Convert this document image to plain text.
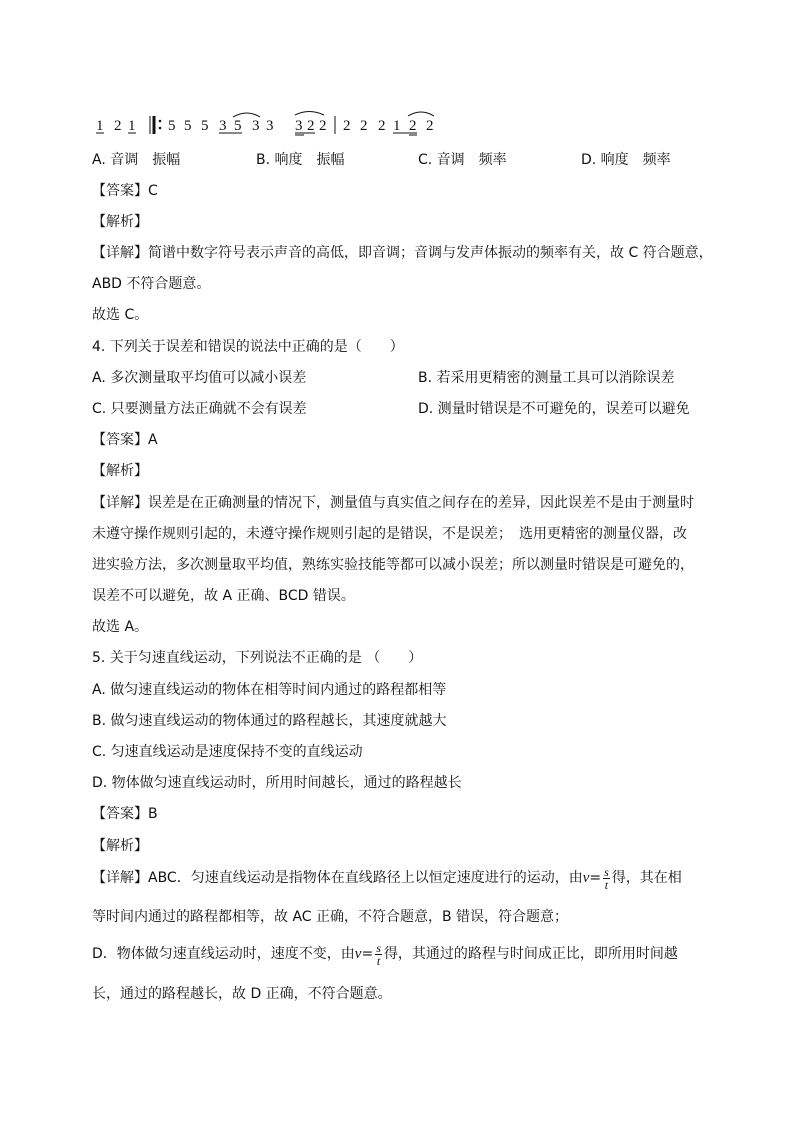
1 2 1 5 5 5 3 5 3 3 3 2 2 2 2 2 1 2 2
A. 音调　振幅	B. 响度　振幅	C. 音调　频率	D. 响度　频率
【答案】C
【解析】
【详解】简谱中数字符号表示声音的高低，即音调；音调与发声体振动的频率有关，故 C 符合题意，
ABD 不符合题意。
故选 C。
4. 下列关于误差和错误的说法中正确的是（　　）
A. 多次测量取平均值可以减小误差	B. 若采用更精密的测量工具可以消除误差
C. 只要测量方法正确就不会有误差	D. 测量时错误是不可避免的，误差可以避免
【答案】A
【解析】
【详解】误差是在正确测量的情况下，测量值与真实值之间存在的差异，因此误差不是由于测量时
未遵守操作规则引起的，未遵守操作规则引起的是错误，不是误差；　选用更精密的测量仪器，改
进实验方法，多次测量取平均值，熟练实验技能等都可以减小误差；所以测量时错误是可避免的，
误差不可以避免，故 A 正确、BCD 错误。
故选 A。
5. 关于匀速直线运动，下列说法不正确的是 （　　）
A. 做匀速直线运动的物体在相等时间内通过的路程都相等
B. 做匀速直线运动的物体通过的路程越长，其速度就越大
C. 匀速直线运动是速度保持不变的直线运动
D. 物体做匀速直线运动时，所用时间越长，通过的路程越长
【答案】B
【解析】
【详解】ABC．匀速直线运动是指物体在直线路径上以恒定速度进行的运动，由$v= \frac{s}{t}$ 得，其在相
等时间内通过的路程都相等，故 AC 正确，不符合题意，B 错误，符合题意；
D．物体做匀速直线运动时，速度不变，由$v= \frac{s}{t}$ 得，其通过的路程与时间成正比，即所用时间越
长，通过的路程越长，故 D 正确，不符合题意。
